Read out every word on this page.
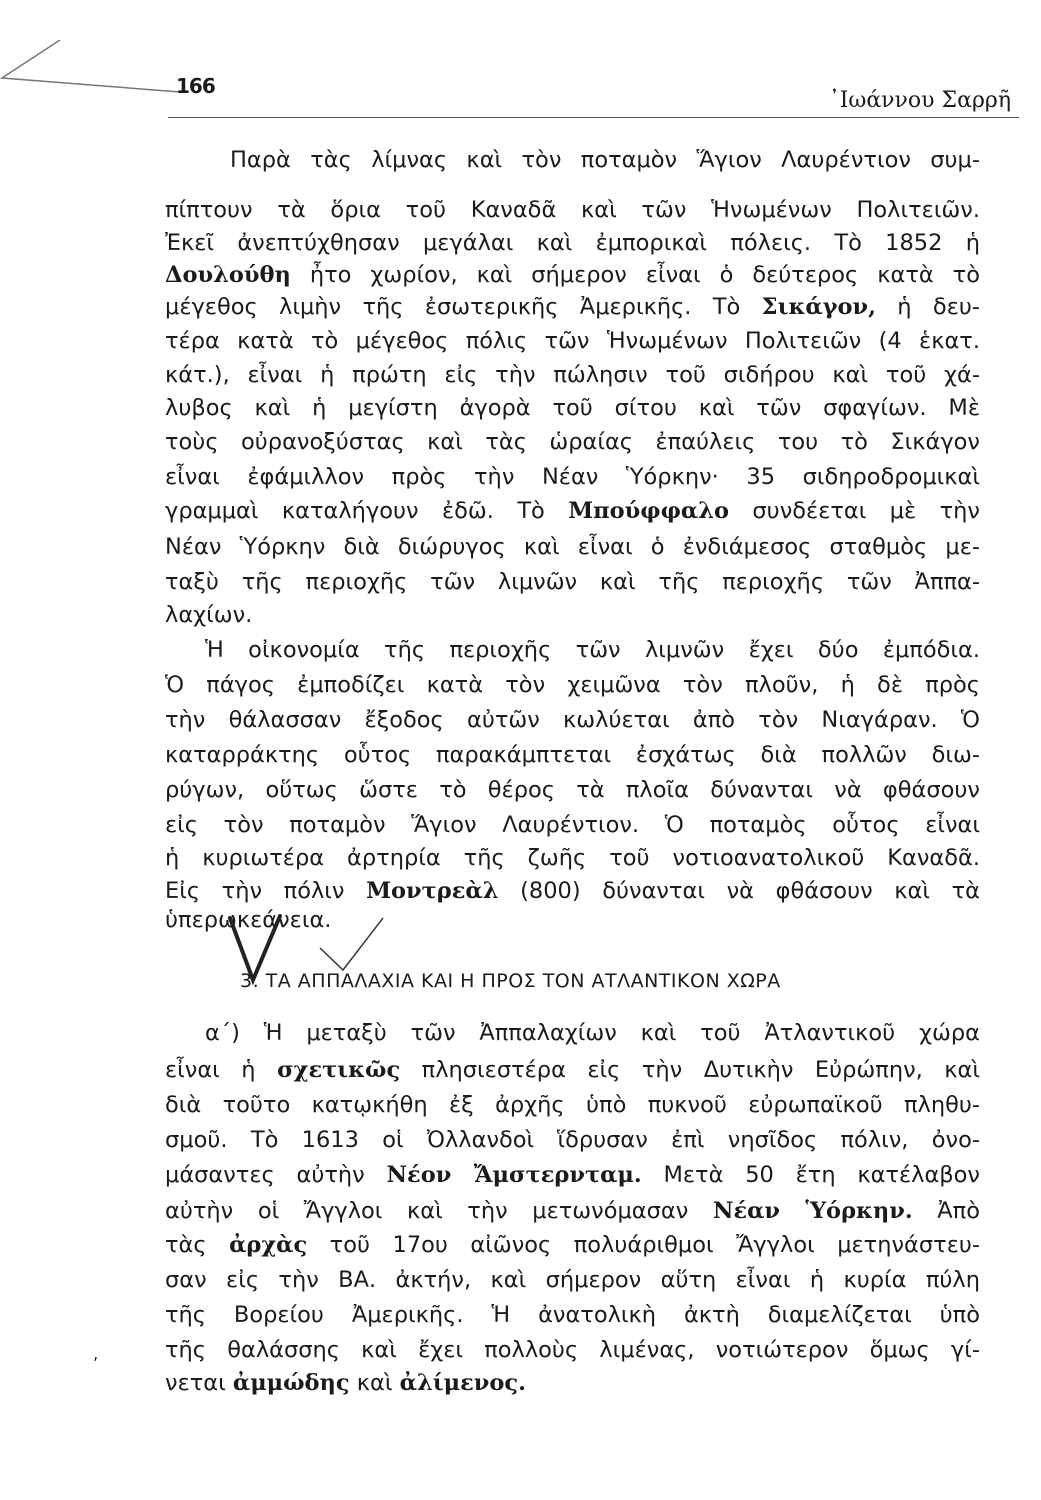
166
᾿Ιωάννου Σαρρῆ

Παρὰ τὰς λίμνας καὶ τὸν ποταμὸν Ἅγιον Λαυρέντιον συμ-

πίπτουν τὰ ὅρια τοῦ Καναδᾶ καὶ τῶν Ἡνωμένων Πολιτειῶν.

Ἐκεῖ ἀνεπτύχθησαν μεγάλαι καὶ ἐμπορικαὶ πόλεις. Τὸ 1852 ἡ

Δουλούθη ἦτο χωρίον, καὶ σήμερον εἶναι ὁ δεύτερος κατὰ τὸ

μέγεθος λιμὴν τῆς ἐσωτερικῆς Ἀμερικῆς. Τὸ Σικάγον, ἡ δευ-

τέρα κατὰ τὸ μέγεθος πόλις τῶν Ἡνωμένων Πολιτειῶν (4 ἑκατ.

κάτ.), εἶναι ἡ πρώτη εἰς τὴν πώλησιν τοῦ σιδήρου καὶ τοῦ χά-

λυβος καὶ ἡ μεγίστη ἀγορὰ τοῦ σίτου καὶ τῶν σφαγίων. Μὲ

τοὺς οὐρανοξύστας καὶ τὰς ὡραίας ἐπαύλεις του τὸ Σικάγον

εἶναι ἐφάμιλλον πρὸς τὴν Νέαν Ὑόρκην· 35 σιδηροδρομικαὶ

γραμμαὶ καταλήγουν ἐδῶ. Τὸ Μπούφφαλο συνδέεται μὲ τὴν

Νέαν Ὑόρκην διὰ διώρυγος καὶ εἶναι ὁ ἐνδιάμεσος σταθμὸς με-

ταξὺ τῆς περιοχῆς τῶν λιμνῶν καὶ τῆς περιοχῆς τῶν Ἀππα-

λαχίων.

Ἡ οἰκονομία τῆς περιοχῆς τῶν λιμνῶν ἔχει δύο ἐμπόδια.

Ὁ πάγος ἐμποδίζει κατὰ τὸν χειμῶνα τὸν πλοῦν, ἡ δὲ πρὸς

τὴν θάλασσαν ἔξοδος αὐτῶν κωλύεται ἀπὸ τὸν Νιαγάραν. Ὁ

καταρράκτης οὗτος παρακάμπτεται ἐσχάτως διὰ πολλῶν διω-

ρύγων, οὕτως ὥστε τὸ θέρος τὰ πλοῖα δύνανται νὰ φθάσουν

εἰς τὸν ποταμὸν Ἅγιον Λαυρέντιον. Ὁ ποταμὸς οὗτος εἶναι

ἡ κυριωτέρα ἀρτηρία τῆς ζωῆς τοῦ νοτιοανατολικοῦ Καναδᾶ.

Εἰς τὴν πόλιν Μοντρεὰλ (800) δύνανται νὰ φθάσουν καὶ τὰ

ὑπερωκεάνεια.

3. ΤΑ ΑΠΠΑΛΑΧΙΑ ΚΑΙ Η ΠΡΟΣ ΤΟΝ ΑΤΛΑΝΤΙΚΟΝ ΧΩΡΑ

α΄) Ἡ μεταξὺ τῶν Ἀππαλαχίων καὶ τοῦ Ἀτλαντικοῦ χώρα

εἶναι ἡ σχετικῶς πλησιεστέρα εἰς τὴν Δυτικὴν Εὐρώπην, καὶ

διὰ τοῦτο κατῳκήθη ἐξ ἀρχῆς ὑπὸ πυκνοῦ εὐρωπαϊκοῦ πληθυ-

σμοῦ. Τὸ 1613 οἱ Ὀλλανδοὶ ἵδρυσαν ἐπὶ νησῖδος πόλιν, ὀνο-

μάσαντες αὐτὴν Νέον Ἄμστερνταμ. Μετὰ 50 ἔτη κατέλαβον

αὐτὴν οἱ Ἄγγλοι καὶ τὴν μετωνόμασαν Νέαν Ὑόρκην. Ἀπὸ

τὰς ἀρχὰς τοῦ 17ου αἰῶνος πολυάριθμοι Ἄγγλοι μετηνάστευ-

σαν εἰς τὴν ΒΑ. ἀκτήν, καὶ σήμερον αὕτη εἶναι ἡ κυρία πύλη

τῆς Βορείου Ἀμερικῆς. Ἡ ἀνατολικὴ ἀκτὴ διαμελίζεται ὑπὸ

τῆς θαλάσσης καὶ ἔχει πολλοὺς λιμένας, νοτιώτερον ὅμως γί-

νεται ἀμμώδης καὶ ἀλίμενος.

‚
